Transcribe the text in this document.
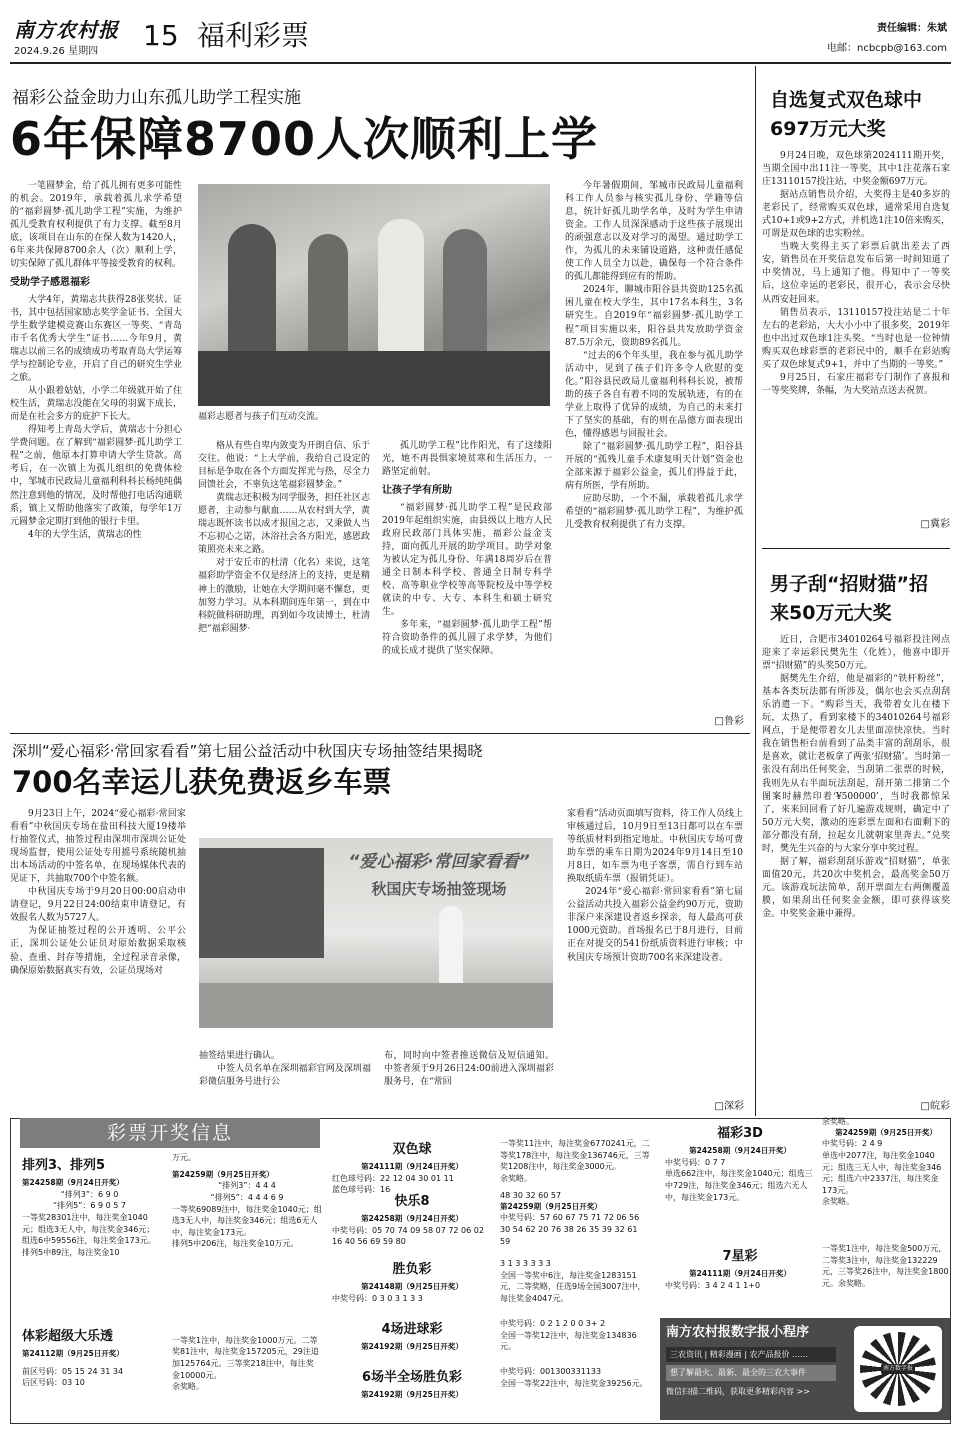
南方农村报
2024.9.26 星期四 15 福利彩票	责任编辑：朱斌
电邮：ncbcpb@163.com
福彩公益金助力山东孤儿助学工程实施
6年保障8700人次顺利上学

一笔圆梦金，给了孤儿拥有更多可能性的机会。2019年，承载着孤儿求学希望的“福彩圆梦·孤儿助学工程”实施，为维护孤儿受教育权利提供了有力支撑。截至8月底，该项目在山东的在保人数为1420人，6年来共保障8700余人（次）顺利上学，切实保障了孤儿群体平等接受教育的权利。

受助学子感恩福彩

大学4年，黄瑞志共获得28张奖状、证书，其中包括国家励志奖学金证书、全国大学生数学建模竞赛山东赛区一等奖、“青岛市千名优秀大学生”证书……今年9月，黄瑞志以前三名的成绩成功考取青岛大学运筹学与控制论专业，开启了自己的研究生学业之旅。

从小跟着姑姑，小学二年级就开始了住校生活，黄瑞志没能在父母的羽翼下成长，而是在社会多方的庇护下长大。

得知考上青岛大学后，黄瑞志十分担心学费问题。在了解到“福彩圆梦·孤儿助学工程”之前，他原本打算申请大学生贷款。高考后，在一次镇上为孤儿组织的免费体检中，邹城市民政局儿童福利科科长杨纯纯偶然注意到他的情况，及时帮他打电话沟通联系，镇上又帮助他落实了政策，每学年1万元圆梦金定期打到他的银行卡里。

4年的大学生活，黄瑞志的性

福彩志愿者与孩子们互动交流。

格从有些自卑内敛变为开朗自信、乐于交往。他说：“上大学前，我给自己设定的目标是争取在各个方面发挥光与热，尽全力回馈社会，不辜负这笔福彩圆梦金。”

黄瑞志还积极为同学服务，担任社区志愿者，主动参与献血……从农村到大学，黄瑞志既怀读书以成才报国之志，又秉做人当不忘初心之诺，沐浴社会各方阳光，感恩政策照亮未来之路。

对于安丘市的杜清（化名）来说，这笔福彩助学资金不仅是经济上的支持，更是精神上的激励，让她在大学期间毫不懈怠，更加努力学习。从本科期间连年第一，到在中科院做科研助理，再到如今攻读博士，杜清把“福彩圆梦·

孤儿助学工程”比作阳光，有了这缕阳光，她不再畏惧家境贫寒和生活压力，一路坚定前射。

让孩子学有所助

“福彩圆梦·孤儿助学工程”是民政部2019年起组织实施，由县级以上地方人民政府民政部门具体实施，福彩公益金支持，面向孤儿开展的助学项目。助学对象为被认定为孤儿身份、年满18周岁后在普通全日制本科学校、普通全日制专科学校、高等职业学校等高等院校及中等学校就读的中专、大专、本科生和硕士研究生。

多年来，“福彩圆梦·孤儿助学工程”帮符合资助条件的孤儿圆了求学梦，为他们的成长成才提供了坚实保障。

今年暑假期间，邹城市民政局儿童福利科工作人员参与核实孤儿身份、学籍等信息，统计好孤儿助学名单，及时为学生申请资金。工作人员深深感动于这些孩子展现出的顽强意志以及对学习的渴望。通过助学工作，为孤儿的未来铺设道路，这种责任感促使工作人员全力以赴，确保每一个符合条件的孤儿都能得到应有的帮助。

2024年，聊城市阳谷县共资助125名孤困儿童在校大学生，其中17名本科生，3名研究生。自2019年“福彩圆梦·孤儿助学工程”项目实施以来，阳谷县共发放助学资金87.5万余元，资助89名孤儿。

“过去的6个年头里，我在参与孤儿助学活动中，见到了孩子们许多令人欣慰的变化。”阳谷县民政局儿童福利科科长说，被帮助的孩子各自有着不同的发展轨迹，有的在学业上取得了优异的成绩，为自己的未来打下了坚实的基础，有的则在品德方面表现出色，懂得感恩与回报社会。

除了“福彩圆梦·孤儿助学工程”，阳谷县开展的“孤残儿童手术康复明天计划”资金也全部来源于福彩公益金，孤儿们得益于此，病有所医，学有所助。

应助尽助，一个不漏，承载着孤儿求学希望的“福彩圆梦·孤儿助学工程”，为维护孤儿受教育权利提供了有力支撑。

□鲁彩
深圳“爱心福彩·常回家看看”第七届公益活动中秋国庆专场抽签结果揭晓
700名幸运儿获免费返乡车票

9月23日上午，2024“爱心福彩·常回家看看”中秋国庆专场在盐田科技大厦19楼举行抽签仪式，抽签过程由深圳市深圳公证处现场监督，使用公证处专用摇号系统随机抽出本场活动的中签名单，在现场媒体代表的见证下，共抽取700个中签名额。

中秋国庆专场于9月20日00:00启动申请登记，9月22日24:00结束申请登记，有效报名人数为5727人。

为保证抽签过程的公开透明、公平公正，深圳公证处公证员对原始数据采取核验、查重、封存等措施，全过程录音录像，确保原始数据真实有效，公证员现场对

“爱心福彩·常回家看看”
秋国庆专场抽签现场

抽签结果进行确认。

中签人员名单在深圳福彩官网及深圳福彩微信服务号进行公

布，同时向中签者推送微信及短信通知。中签者须于9月26日24:00前进入深圳福彩服务号，在“常回

家看看”活动页面填写资料，待工作人员线上审核通过后，10月9日至13日都可以在车票等纸质材料到指定地址。中秋国庆专场可费助车票的乘车日期为2024年9月14日至10月8日，如车票为电子客票，需自行到车站换取纸质车票（报销凭证）。

2024年“爱心福彩·常回家看看”第七届公益活动共投入福彩公益金约90万元，资助非深户来深建设者返乡探亲，每人最高可获1000元资助。首场报名已于8月进行，目前正在对提交的541份纸质资料进行审核；中秋国庆专场预计资助700名来深建设者。

□深彩
自选复式双色球中697万元大奖

9月24日晚，双色球第2024111期开奖，当期全国中出11注一等奖，其中1注花落石家庄13110157投注站，中奖金额697万元。

据站点销售员介绍，大奖得主是40多岁的老彩民了，经常购买双色球，通常采用自选复式10+1或9+2方式，并机选1注10倍来购买，可谓是双色球的忠实粉丝。

当晚大奖得主买了彩票后就出差去了西安，销售员在开奖信息发布后第一时间知道了中奖情况，马上通知了他。得知中了一等奖后，这位幸运的老彩民，很开心，表示会尽快从西安赶回来。

销售员表示，13110157投注站是二十年左右的老彩站，大大小小中了很多奖，2019年也中出过双色球1注头奖。“当时也是一位钟情购买双色球彩票的老彩民中的，顺手在彩站购买了双色球复式9+1，并中了当期的一等奖。”

9月25日，石家庄福彩专门制作了喜报和一等奖奖牌，条幅，为大奖站点送去祝贺。

□冀彩
男子刮“招财猫”招来50万元大奖

近日，合肥市34010264号福彩投注网点迎来了幸运彩民樊先生（化姓），他喜中即开票“招财猫”的头奖50万元。

据樊先生介绍，他是福彩的“铁杆粉丝”，基本各类玩法都有所涉及，偶尔也会买点刮刮乐消遣一下。“购彩当天，我带着女儿在楼下玩，太热了，看到家楼下的34010264号福彩网点，于是便带着女儿去里面凉快凉快。当时我在销售柜台前看到了品类丰富的刮刮乐，很是喜欢，就让老板拿了两张‘招财猫’。当时第一张没有刮出任何奖金，当刮第二张票的时候，我则先从右半面玩法刮起，刮开第二排第二个图案时赫然印着‘¥500000’，当时我都惊呆了，来来回回看了好几遍游戏规则，确定中了50万元大奖，激动的连彩票左面和右面剩下的部分都没有刮，拉起女儿就朝家里奔去。”兑奖时，樊先生兴奋的与大家分享中奖过程。

据了解，福彩刮刮乐游戏“招财猫”，单张面值20元，共20次中奖机会，最高奖金50万元。该游戏玩法简单，刮开票面左右两侧覆盖膜，如果刮出任何奖金金额，即可获得该奖金。中奖奖金兼中兼得。

□皖彩
彩票开奖信息
排列3、排列5
第24258期（9月24日开奖）
“排列3”：6 9 0
“排列5”：6 9 0 5 7
一等奖28301注中，每注奖金1040元；组选3无人中，每注奖金346元；组选6中59556注，每注奖金173元。
排列5中89注，每注奖金10
万元。
第24259期（9月25日开奖）
“排列3”：4 4 4
“排列5”：4 4 4 6 9
一等奖69089注中，每注奖金1040元；组选3无人中，每注奖金346元；组选6无人中，每注奖金173元。
排列5中206注，每注奖金10万元。
体彩超级大乐透
第24112期（9月25日开奖）
前区号码：05 15 24 31 34
后区号码：03 10
一等奖1注中，每注奖金1000万元。二等奖81注中，每注奖金157205元，29注追加125764元。三等奖218注中，每注奖金10000元。
余奖略。
双色球
第24111期（9月24日开奖）
红色球号码：22 12 04 30 01 11
蓝色球号码：16
一等奖11注中，每注奖金6770241元，二等奖178注中，每注奖金136746元，三等奖1208注中，每注奖金3000元。
余奖略。
快乐8
第24258期（9月24日开奖）
中奖号码：05 70 74 09 58 07 72 06 02 16 40 56 69 59 80
48 30 32 60 57
第24259期（9月25日开奖）
中奖号码：57 60 67 75 71 72 06 56 30 54 62 20 76 38 26 35 39 32 61 59
胜负彩
第24148期（9月25日开奖）
中奖号码：0 3 0 3 1 3 3
3 1 3 3 3 3 3
全国一等奖中6注，每注奖金1283151元，二等奖略，任选9场全国3007注中，每注奖金4047元。
4场进球彩
第24192期（9月25日开奖）
中奖号码：0 2 1 2 0 0 3+ 2
全国一等奖12注中，每注奖金134836元。
6场半全场胜负彩
第24192期（9月25日开奖）
中奖号码：001300331133
全国一等奖22注中，每注奖金39256元。
福彩3D
第24258期（9月24日开奖）
中奖号码：0 7 7
单选662注中，每注奖金1040元；组选三中729注，每注奖金346元；组选六无人中，每注奖金173元。
余奖略。
第24259期（9月25日开奖）
中奖号码：2 4 9
单选中2077注，每注奖金1040元；组选三无人中，每注奖金346元；组选六中2337注，每注奖金173元。
余奖略。
7星彩
第24111期（9月24日开奖）
中奖号码：3 4 2 4 1 1+0
一等奖1注中，每注奖金500万元，二等奖3注中，每注奖金132229元，三等奖26注中，每注奖金1800元。余奖略。
南方农村报数字报小程序
三农资讯 | 精彩漫画 | 农产品报价 ……
想了解最火、最新、最全的三农大事件
微信扫描二维码，获取更多精彩内容 >>
南方数字报
